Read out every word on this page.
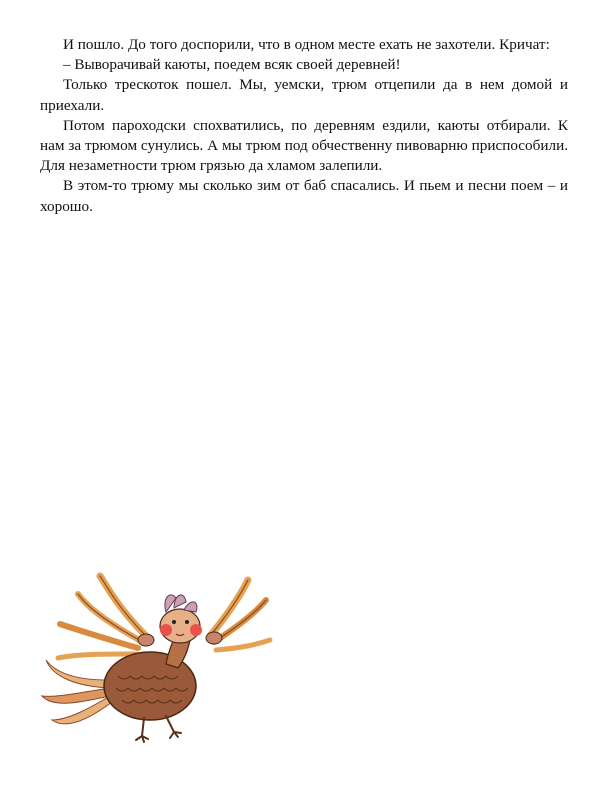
И пошло. До того доспорили, что в одном месте ехать не захотели. Кричат:

– Выворачивай каюты, поедем всяк своей деревней!

Только трескоток пошел. Мы, уемски, трюм отцепили да в нем домой и приехали.

Потом пароходски спохватились, по деревням ездили, каюты отбирали. К нам за трюмом сунулись. А мы трюм под обчественну пивоварню приспособили. Для незаметности трюм грязью да хламом залепили.

В этом-то трюму мы сколько зим от баб спасались. И пьем и песни поем – и хорошо.
